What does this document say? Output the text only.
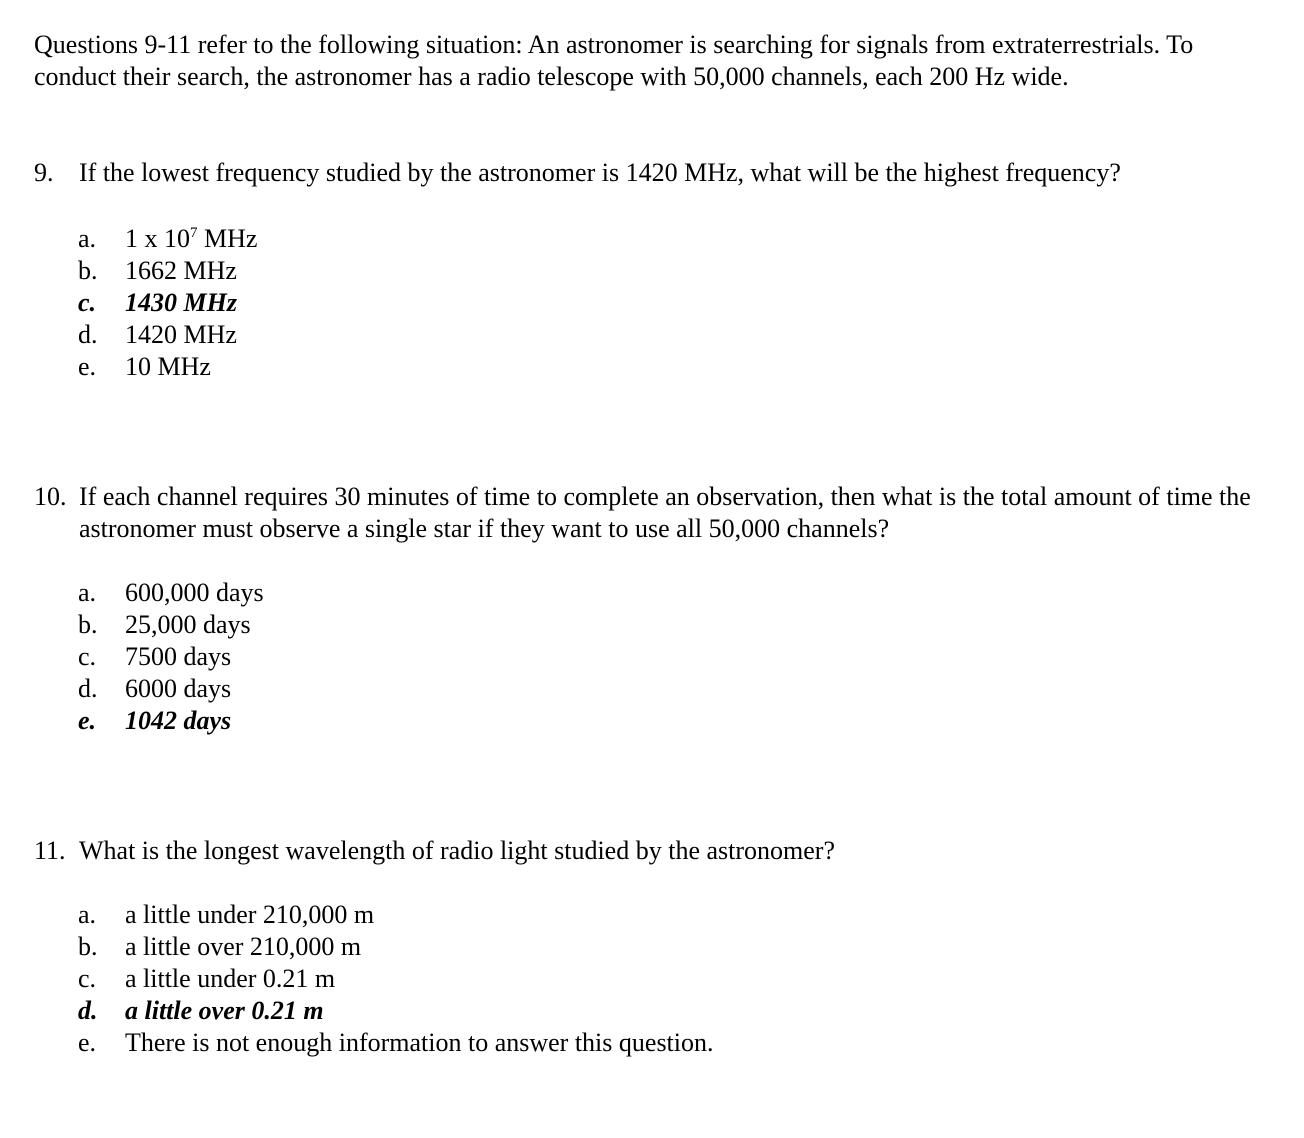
Questions 9-11 refer to the following situation: An astronomer is searching for signals from extraterrestrials. To conduct their search, the astronomer has a radio telescope with 50,000 channels, each 200 Hz wide.
9. If the lowest frequency studied by the astronomer is 1420 MHz, what will be the highest frequency?
a.	1 x $10^7$ MHz
b.	1662 MHz
c.	1430 MHz
d.	1420 MHz
e.	10 MHz
10. If each channel requires 30 minutes of time to complete an observation, then what is the total amount of time the astronomer must observe a single star if they want to use all 50,000 channels?
a.	600,000 days
b.	25,000 days
c.	7500 days
d.	6000 days
e.	1042 days
11. What is the longest wavelength of radio light studied by the astronomer?
a.	a little under 210,000 m
b.	a little over 210,000 m
c.	a little under 0.21 m
d.	a little over 0.21 m
e.	There is not enough information to answer this question.
